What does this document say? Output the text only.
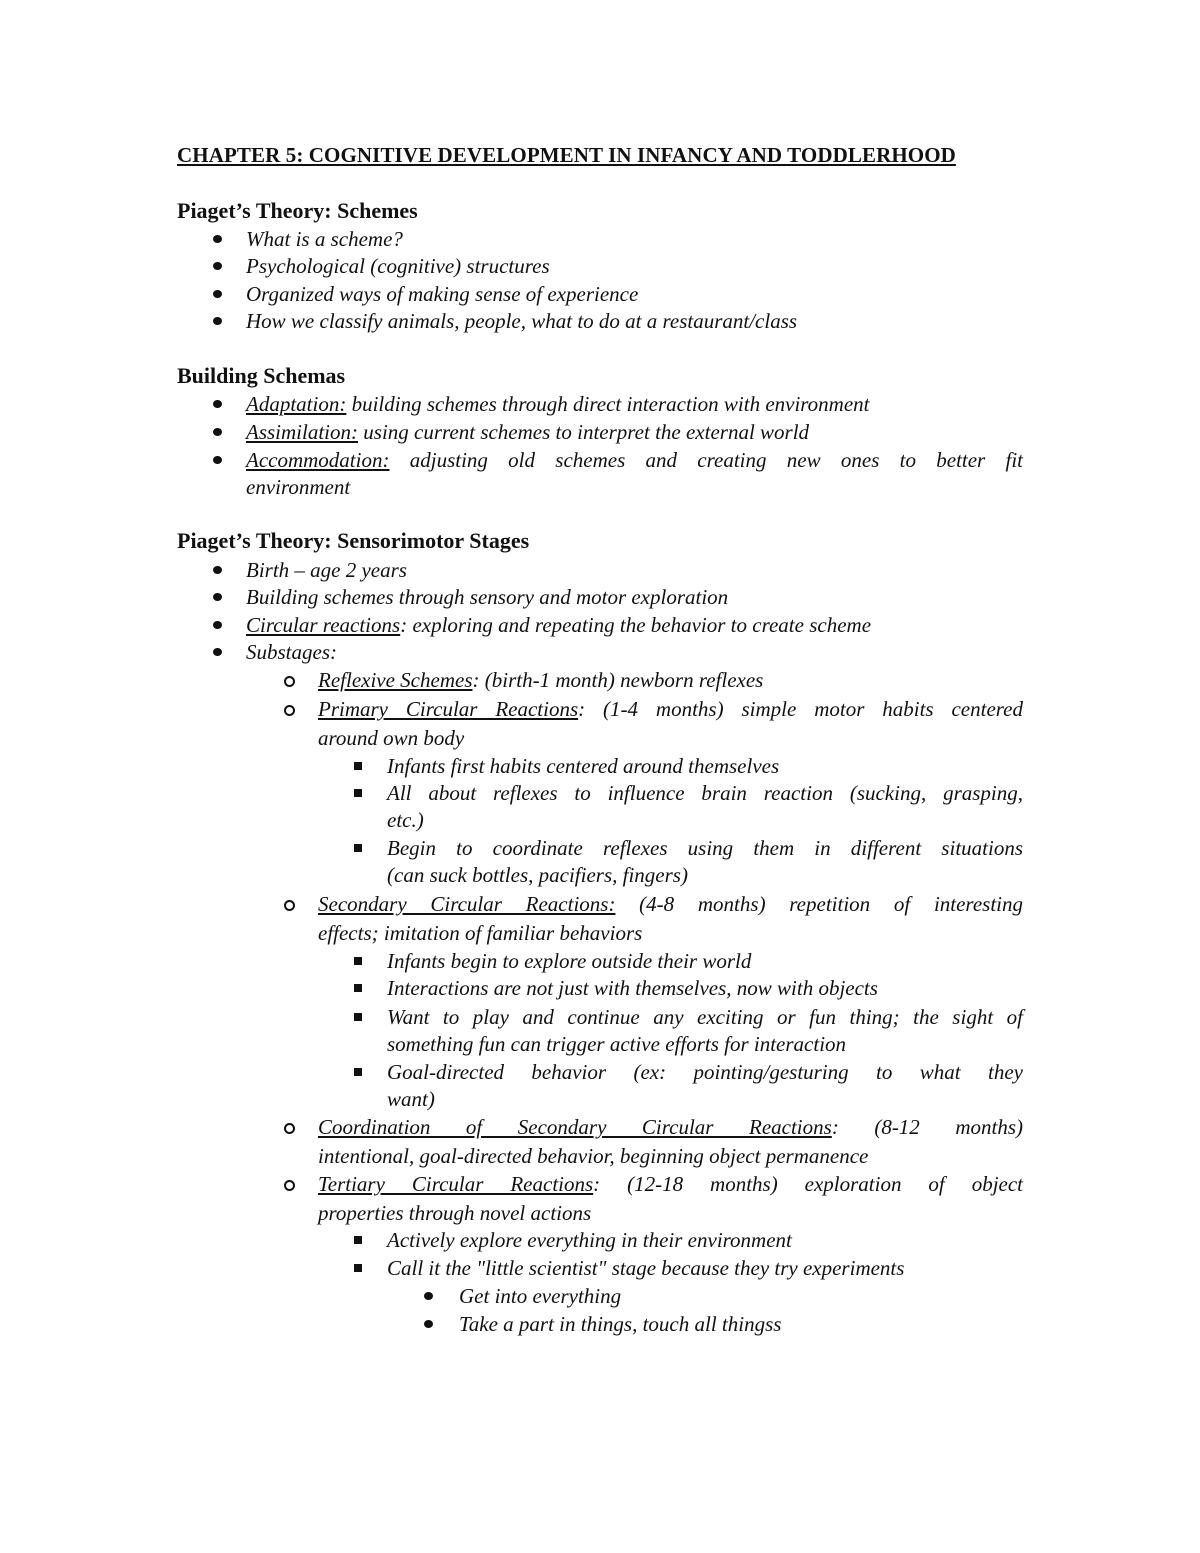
CHAPTER 5: COGNITIVE DEVELOPMENT IN INFANCY AND TODDLERHOOD
Piaget’s Theory: Schemes
What is a scheme?
Psychological (cognitive) structures
Organized ways of making sense of experience
How we classify animals, people, what to do at a restaurant/class
Building Schemas
Adaptation: building schemes through direct interaction with environment
Assimilation: using current schemes to interpret the external world
Accommodation: adjusting old schemes and creating new ones to better fit
environment
Piaget’s Theory: Sensorimotor Stages
Birth – age 2 years
Building schemes through sensory and motor exploration
Circular reactions: exploring and repeating the behavior to create scheme
Substages:
Reflexive Schemes: (birth-1 month) newborn reflexes
Primary Circular Reactions: (1-4 months) simple motor habits centered
around own body
Infants first habits centered around themselves
All about reflexes to influence brain reaction (sucking, grasping,
etc.)
Begin to coordinate reflexes using them in different situations
(can suck bottles, pacifiers, fingers)
Secondary Circular Reactions: (4-8 months) repetition of interesting
effects; imitation of familiar behaviors
Infants begin to explore outside their world
Interactions are not just with themselves, now with objects
Want to play and continue any exciting or fun thing; the sight of
something fun can trigger active efforts for interaction
Goal-directed behavior (ex: pointing/gesturing to what they
want)
Coordination of Secondary Circular Reactions: (8-12 months)
intentional, goal-directed behavior, beginning object permanence
Tertiary Circular Reactions: (12-18 months) exploration of object
properties through novel actions
Actively explore everything in their environment
Call it the "little scientist" stage because they try experiments
Get into everything
Take a part in things, touch all thingss
